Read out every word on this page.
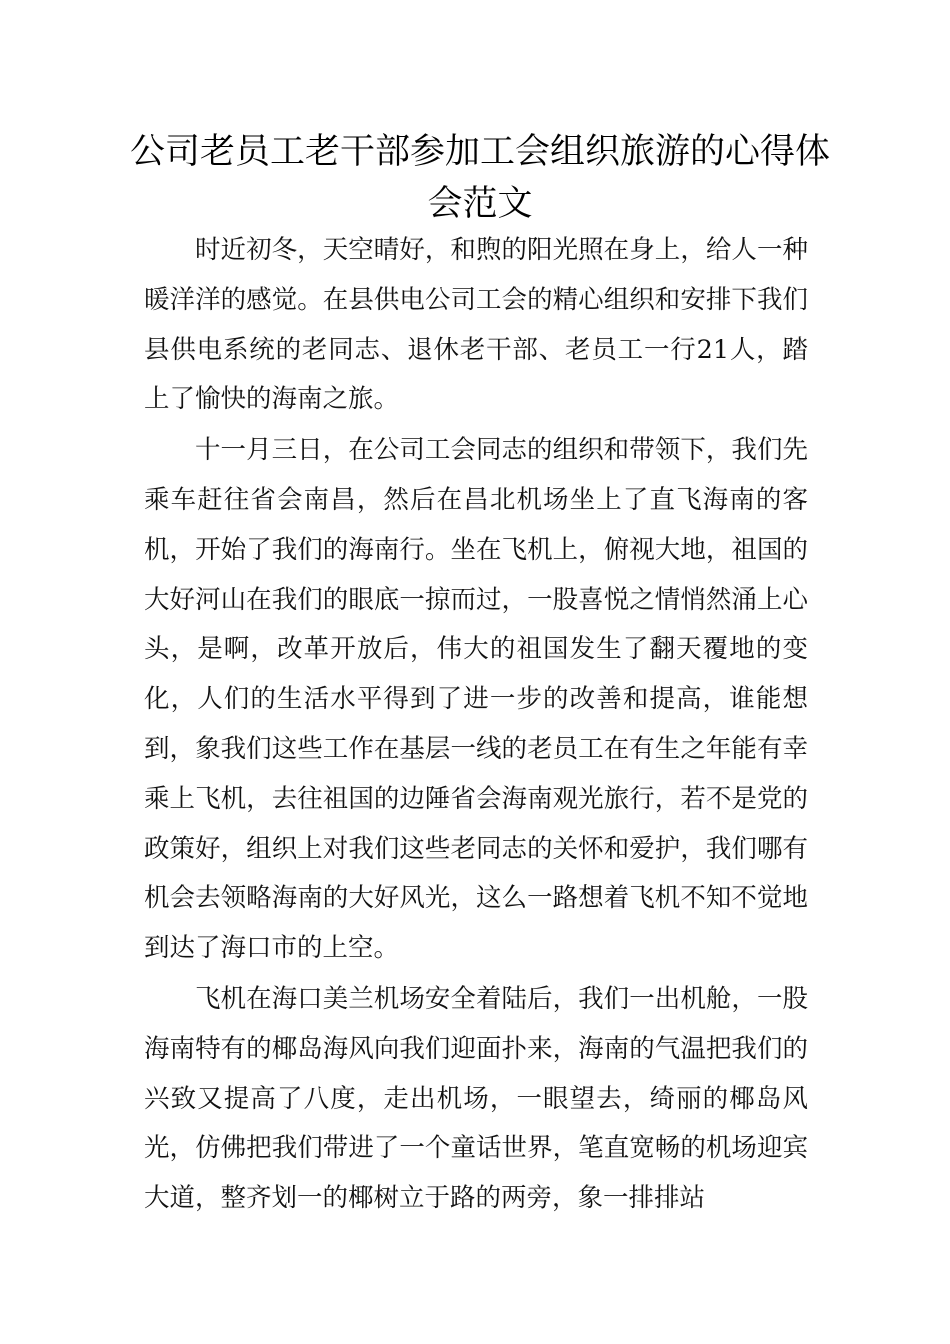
公司老员工老干部参加工会组织旅游的心得体会范文

时近初冬，天空晴好，和煦的阳光照在身上，给人一种暖洋洋的感觉。在县供电公司工会的精心组织和安排下我们县供电系统的老同志、退休老干部、老员工一行21人，踏上了愉快的海南之旅。

十一月三日，在公司工会同志的组织和带领下，我们先乘车赶往省会南昌，然后在昌北机场坐上了直飞海南的客机，开始了我们的海南行。坐在飞机上，俯视大地，祖国的大好河山在我们的眼底一掠而过，一股喜悦之情悄然涌上心头，是啊，改革开放后，伟大的祖国发生了翻天覆地的变化，人们的生活水平得到了进一步的改善和提高，谁能想到，象我们这些工作在基层一线的老员工在有生之年能有幸乘上飞机，去往祖国的边陲省会海南观光旅行，若不是党的政策好，组织上对我们这些老同志的关怀和爱护，我们哪有机会去领略海南的大好风光，这么一路想着飞机不知不觉地到达了海口市的上空。

飞机在海口美兰机场安全着陆后，我们一出机舱，一股海南特有的椰岛海风向我们迎面扑来，海南的气温把我们的兴致又提高了八度，走出机场，一眼望去，绮丽的椰岛风光，仿佛把我们带进了一个童话世界，笔直宽畅的机场迎宾大道，整齐划一的椰树立于路的两旁，象一排排站
